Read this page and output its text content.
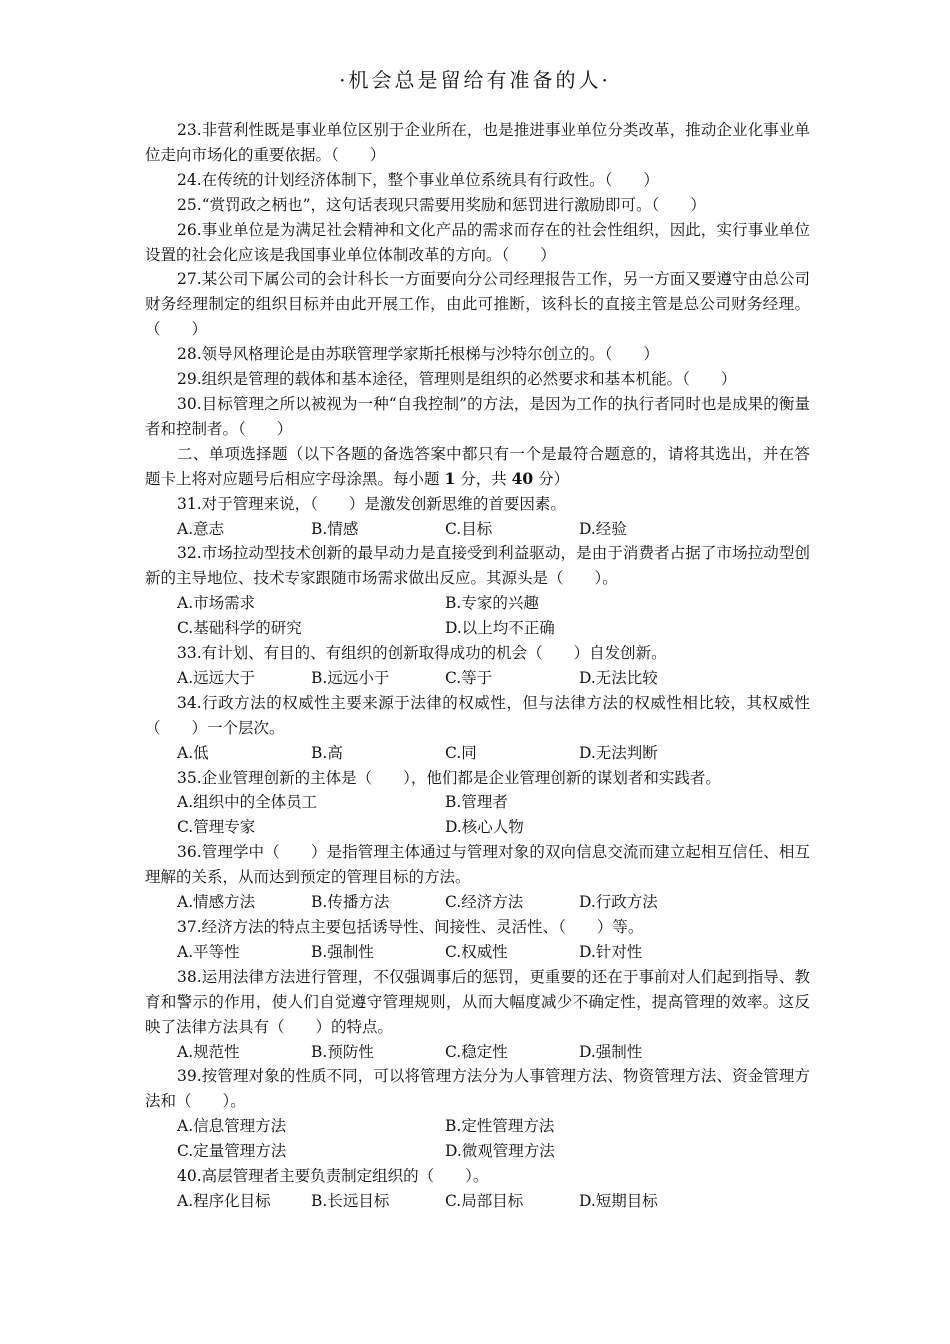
·机会总是留给有准备的人·
23.非营利性既是事业单位区别于企业所在，也是推进事业单位分类改革，推动企业化事业单位走向市场化的重要依据。（　　）
24.在传统的计划经济体制下，整个事业单位系统具有行政性。（　　）
25.“赏罚政之柄也”，这句话表现只需要用奖励和惩罚进行激励即可。（　　）
26.事业单位是为满足社会精神和文化产品的需求而存在的社会性组织，因此，实行事业单位设置的社会化应该是我国事业单位体制改革的方向。（　　）
27.某公司下属公司的会计科长一方面要向分公司经理报告工作，另一方面又要遵守由总公司财务经理制定的组织目标并由此开展工作，由此可推断，该科长的直接主管是总公司财务经理。（　　）
28.领导风格理论是由苏联管理学家斯托根梯与沙特尔创立的。（　　）
29.组织是管理的载体和基本途径，管理则是组织的必然要求和基本机能。（　　）
30.目标管理之所以被视为一种“自我控制”的方法，是因为工作的执行者同时也是成果的衡量者和控制者。（　　）
二、单项选择题（以下各题的备选答案中都只有一个是最符合题意的，请将其选出，并在答题卡上将对应题号后相应字母涂黑。每小题 1 分，共 40 分）
31.对于管理来说，（　　）是激发创新思维的首要因素。
A.意志	B.情感	C.目标	D.经验
32.市场拉动型技术创新的最早动力是直接受到利益驱动，是由于消费者占据了市场拉动型创新的主导地位、技术专家跟随市场需求做出反应。其源头是（　　）。
A.市场需求	B.专家的兴趣
C.基础科学的研究	D.以上均不正确
33.有计划、有目的、有组织的创新取得成功的机会（　　）自发创新。
A.远远大于	B.远远小于	C.等于	D.无法比较
34.行政方法的权威性主要来源于法律的权威性，但与法律方法的权威性相比较，其权威性（　　）一个层次。
A.低	B.高	C.同	D.无法判断
35.企业管理创新的主体是（　　），他们都是企业管理创新的谋划者和实践者。
A.组织中的全体员工	B.管理者
C.管理专家	D.核心人物
36.管理学中（　　）是指管理主体通过与管理对象的双向信息交流而建立起相互信任、相互理解的关系，从而达到预定的管理目标的方法。
A.情感方法	B.传播方法	C.经济方法	D.行政方法
37.经济方法的特点主要包括诱导性、间接性、灵活性、（　　）等。
A.平等性	B.强制性	C.权威性	D.针对性
38.运用法律方法进行管理，不仅强调事后的惩罚，更重要的还在于事前对人们起到指导、教育和警示的作用，使人们自觉遵守管理规则，从而大幅度减少不确定性，提高管理的效率。这反映了法律方法具有（　　）的特点。
A.规范性	B.预防性	C.稳定性	D.强制性
39.按管理对象的性质不同，可以将管理方法分为人事管理方法、物资管理方法、资金管理方法和（　　）。
A.信息管理方法	B.定性管理方法
C.定量管理方法	D.微观管理方法
40.高层管理者主要负责制定组织的（　　）。
A.程序化目标	B.长远目标	C.局部目标	D.短期目标
